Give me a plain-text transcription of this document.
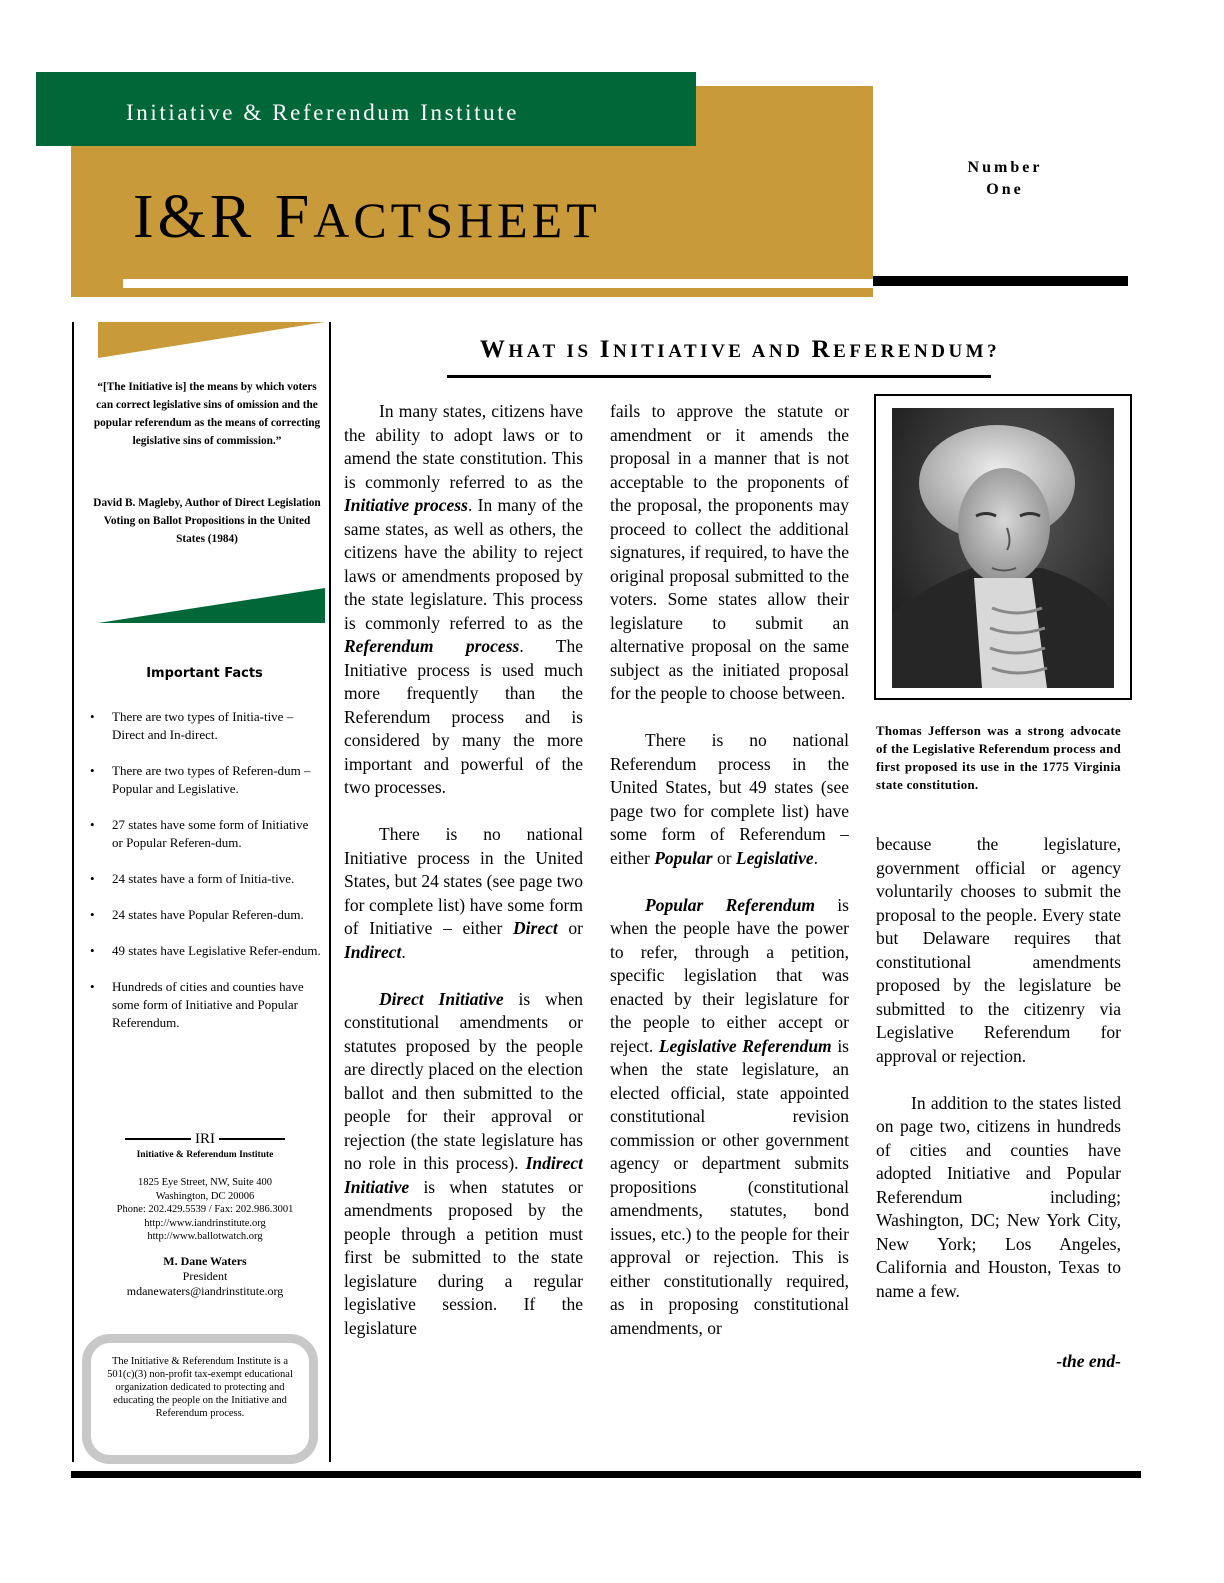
Initiative & Referendum Institute
I&R FACTSHEET
Number
One
“[The Initiative is] the means by which voters can correct legislative sins of omission and the popular referendum as the means of correcting legislative sins of commission.”
David B. Magleby, Author of Direct Legislation Voting on Ballot Propositions in the United States (1984)
Important Facts
• There are two types of Initia-tive – Direct and In-direct.
• There are two types of Referen-dum – Popular and Legislative.
• 27 states have some form of Initiative or Popular Referen-dum.
• 24 states have a form of Initia-tive.
• 24 states have Popular Referen-dum.
• 49 states have Legislative Refer-endum.
• Hundreds of cities and counties have some form of Initiative and Popular Referendum.
IRI
Initiative & Referendum Institute
1825 Eye Street, NW, Suite 400
Washington, DC 20006
Phone: 202.429.5539 / Fax: 202.986.3001
http://www.iandrinstitute.org
http://www.ballotwatch.org
M. Dane Waters
President
mdanewaters@iandrinstitute.org
The Initiative & Referendum Institute is a 501(c)(3) non-profit tax-exempt educational organization dedicated to protecting and educating the people on the Initiative and Referendum process.
WHAT IS INITIATIVE AND REFERENDUM?

In many states, citizens have the ability to adopt laws or to amend the state constitution. This is commonly referred to as the Initiative process. In many of the same states, as well as others, the citizens have the ability to reject laws or amendments proposed by the state legislature. This process is commonly referred to as the Referendum process. The Initiative process is used much more frequently than the Referendum process and is considered by many the more important and powerful of the two processes.

There is no national Initiative process in the United States, but 24 states (see page two for complete list) have some form of Initiative – either Direct or Indirect.

Direct Initiative is when constitutional amendments or statutes proposed by the people are directly placed on the election ballot and then submitted to the people for their approval or rejection (the state legislature has no role in this process). Indirect Initiative is when statutes or amendments proposed by the people through a petition must first be submitted to the state legislature during a regular legislative session. If the legislature

fails to approve the statute or amendment or it amends the proposal in a manner that is not acceptable to the proponents of the proposal, the proponents may proceed to collect the additional signatures, if required, to have the original proposal submitted to the voters. Some states allow their legislature to submit an alternative proposal on the same subject as the initiated proposal for the people to choose between.

There is no national Referendum process in the United States, but 49 states (see page two for complete list) have some form of Referendum – either Popular or Legislative.

Popular Referendum is when the people have the power to refer, through a petition, specific legislation that was enacted by their legislature for the people to either accept or reject. Legislative Referendum is when the state legislature, an elected official, state appointed constitutional revision commission or other government agency or department submits propositions (constitutional amendments, statutes, bond issues, etc.) to the people for their approval or rejection. This is either constitutionally required, as in proposing constitutional amendments, or

Thomas Jefferson was a strong advocate of the Legislative Referendum process and first proposed its use in the 1775 Virginia state constitution.

because the legislature, government official or agency voluntarily chooses to submit the proposal to the people. Every state but Delaware requires that constitutional amendments proposed by the legislature be submitted to the citizenry via Legislative Referendum for approval or rejection.

In addition to the states listed on page two, citizens in hundreds of cities and counties have adopted Initiative and Popular Referendum including; Washington, DC; New York City, New York; Los Angeles, California and Houston, Texas to name a few.

-the end-
